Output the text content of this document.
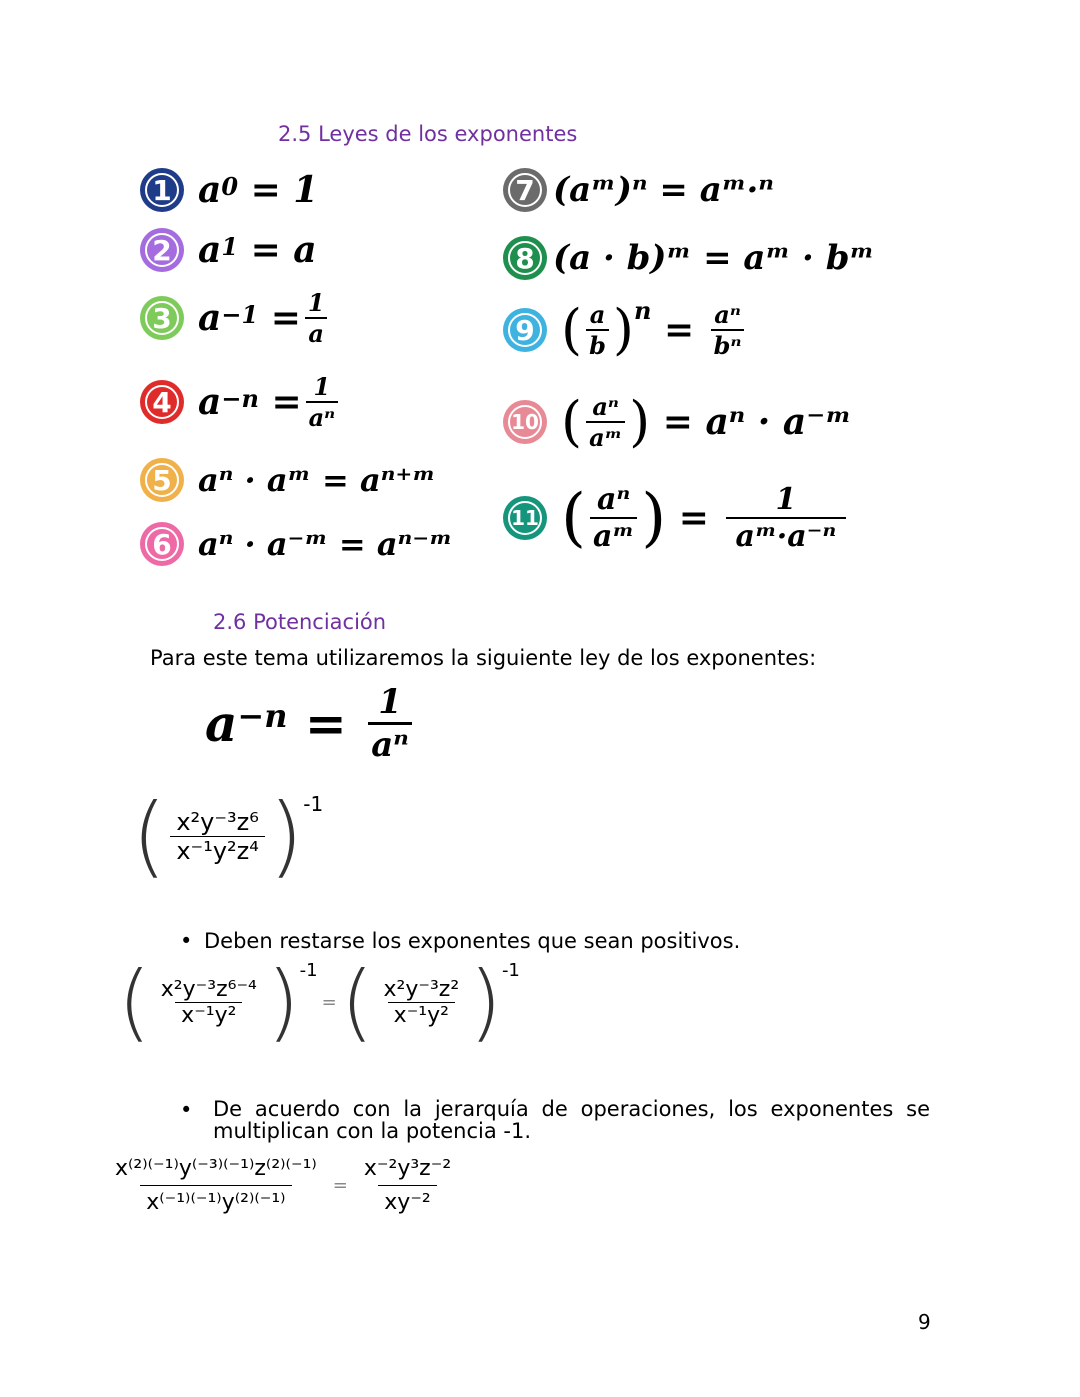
2.5 Leyes de los exponentes
1 $a^0$
= 1
2 $a^1$
= a
3 $a^{-1}$
= $\frac{1}{a}$
4 $a^{-n}$
= $\frac{1}{\text{aⁿ}}$
5 aⁿ · aᵐ = aⁿ⁺ᵐ
6 aⁿ · a⁻ᵐ = aⁿ⁻ᵐ
7 (aᵐ)ⁿ = aᵐ·ⁿ
8 (a · b)ᵐ = aᵐ · bᵐ
9 ( $\frac{a}{b} )^n$
=
$\frac{\text{aⁿ}}{\text{bⁿ}}$
10 ( $\frac{\text{aⁿ}}{\text{aᵐ}}$ )
= aⁿ · a⁻ᵐ
11 ( $\frac{\text{aⁿ}}{\text{aᵐ}}$ )
=
$\frac{1}{\text{aᵐ·a⁻ⁿ}}$
2.6 Potenciación
Para este tema utilizaremos la siguiente ley de los exponentes:
$a^{-n}$
=
$\frac{1}{\text{aⁿ}}$
( $\frac{\text{x²y⁻³z⁶}}{\text{x⁻¹y²z⁴}}$ ) -1
• Deben restarse los exponentes que sean positivos.
( $\frac{\text{x²y⁻³z⁶⁻⁴}}{\text{x⁻¹y²}}$ ) -1
= ( $\frac{\text{x²y⁻³z²}}{\text{x⁻¹y²}}$ ) -1
• De acuerdo con la jerarquía de operaciones, los exponentes se multiplican con la potencia -1.
$\frac{\text{x⁽²⁾⁽⁻¹⁾y⁽⁻³⁾⁽⁻¹⁾z⁽²⁾⁽⁻¹⁾}}{\text{x⁽⁻¹⁾⁽⁻¹⁾y⁽²⁾⁽⁻¹⁾}} = \frac{\text{x⁻²y³z⁻²}}{\text{xy⁻²}}$
9
